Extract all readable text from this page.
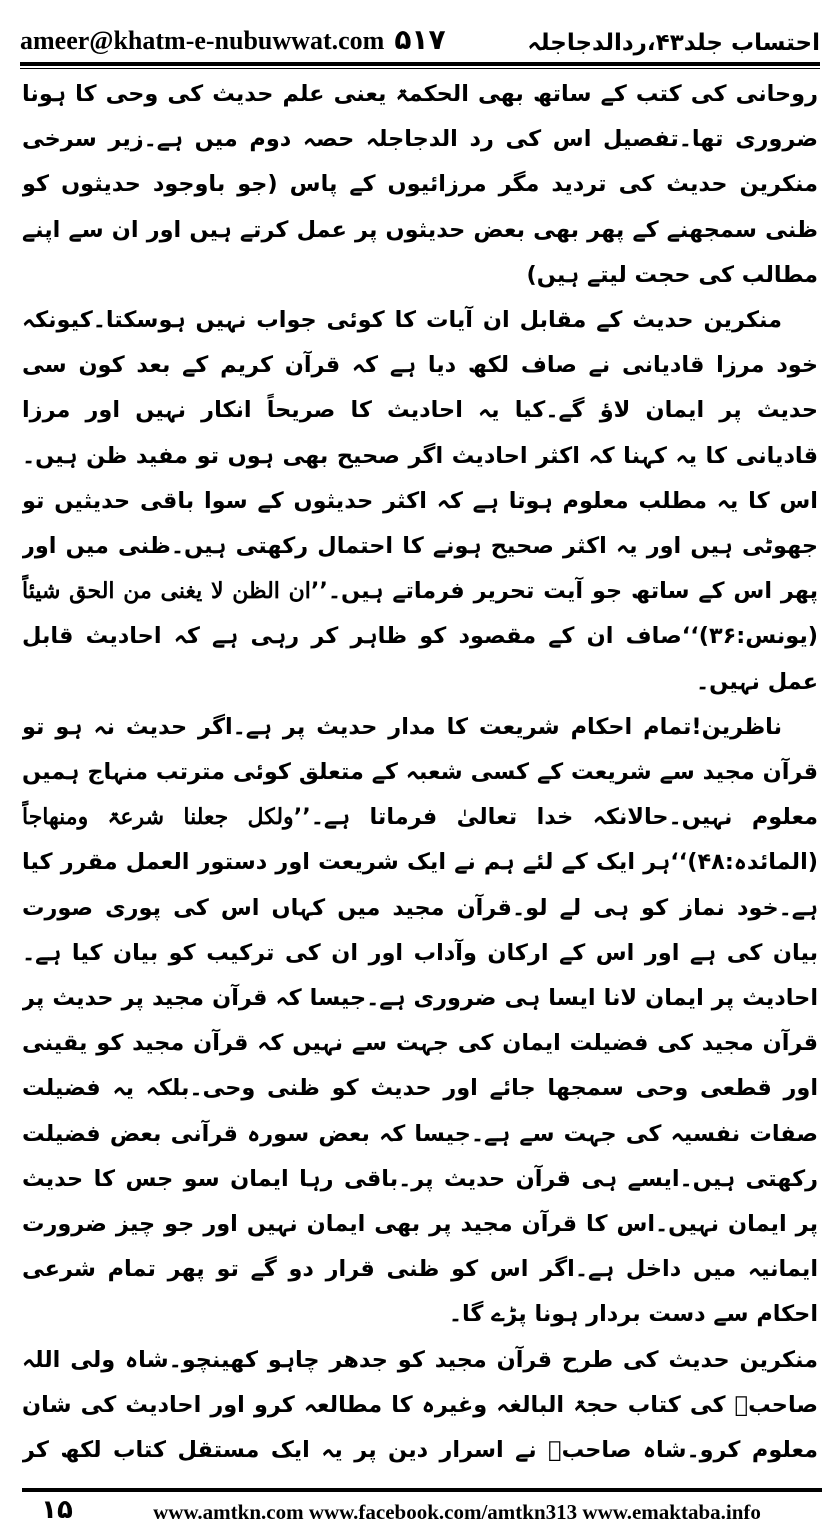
ameer@khatm-e-nubuwwat.com ۵۱۷	احتساب جلد۴۳،ردالدجاجلہ

روحانی کی کتب کے ساتھ بھی الحکمۃ یعنی علم حدیث کی وحی کا ہونا ضروری تھا۔تفصیل اس کی رد الدجاجلہ حصہ دوم میں ہے۔زیر سرخی منکرین حدیث کی تردید مگر مرزائیوں کے پاس (جو باوجود حدیثوں کو ظنی سمجھنے کے پھر بھی بعض حدیثوں پر عمل کرتے ہیں اور ان سے اپنے مطالب کی حجت لیتے ہیں)

منکرین حدیث کے مقابل ان آیات کا کوئی جواب نہیں ہوسکتا۔کیونکہ خود مرزا قادیانی نے صاف لکھ دیا ہے کہ قرآن کریم کے بعد کون سی حدیث پر ایمان لاؤ گے۔کیا یہ احادیث کا صریحاً انکار نہیں اور مرزا قادیانی کا یہ کہنا کہ اکثر احادیث اگر صحیح بھی ہوں تو مفید ظن ہیں۔اس کا یہ مطلب معلوم ہوتا ہے کہ اکثر حدیثوں کے سوا باقی حدیثیں تو جھوٹی ہیں اور یہ اکثر صحیح ہونے کا احتمال رکھتی ہیں۔ظنی میں اور پھر اس کے ساتھ جو آیت تحریر فرماتے ہیں۔’’ان الظن لا یغنی من الحق شیئاً (یونس:۳۶)‘‘صاف ان کے مقصود کو ظاہر کر رہی ہے کہ احادیث قابل عمل نہیں۔

ناظرین!تمام احکام شریعت کا مدار حدیث پر ہے۔اگر حدیث نہ ہو تو قرآن مجید سے شریعت کے کسی شعبہ کے متعلق کوئی مترتب منہاج ہمیں معلوم نہیں۔حالانکہ خدا تعالیٰ فرماتا ہے۔’’ولکل جعلنا شرعۃ ومنهاجاً (المائدہ:۴۸)‘‘ہر ایک کے لئے ہم نے ایک شریعت اور دستور العمل مقرر کیا ہے۔خود نماز کو ہی لے لو۔قرآن مجید میں کہاں اس کی پوری صورت بیان کی ہے اور اس کے ارکان وآداب اور ان کی ترکیب کو بیان کیا ہے۔احادیث پر ایمان لانا ایسا ہی ضروری ہے۔جیسا کہ قرآن مجید پر حدیث پر قرآن مجید کی فضیلت ایمان کی جہت سے نہیں کہ قرآن مجید کو یقینی اور قطعی وحی سمجھا جائے اور حدیث کو ظنی وحی۔بلکہ یہ فضیلت صفات نفسیہ کی جہت سے ہے۔جیسا کہ بعض سورہ قرآنی بعض فضیلت رکھتی ہیں۔ایسے ہی قرآن حدیث پر۔باقی رہا ایمان سو جس کا حدیث پر ایمان نہیں۔اس کا قرآن مجید پر بھی ایمان نہیں اور جو چیز ضرورت ایمانیہ میں داخل ہے۔اگر اس کو ظنی قرار دو گے تو پھر تمام شرعی احکام سے دست بردار ہونا پڑے گا۔

منکرین حدیث کی طرح قرآن مجید کو جدھر چاہو کھینچو۔شاہ ولی اللہ صاحبؒ کی کتاب حجۃ البالغہ وغیرہ کا مطالعہ کرو اور احادیث کی شان معلوم کرو۔شاہ صاحبؒ نے اسرار دین پر یہ ایک مستقل کتاب لکھ کر

۱۵	www.amtkn.com www.facebook.com/amtkn313 www.emaktaba.info
